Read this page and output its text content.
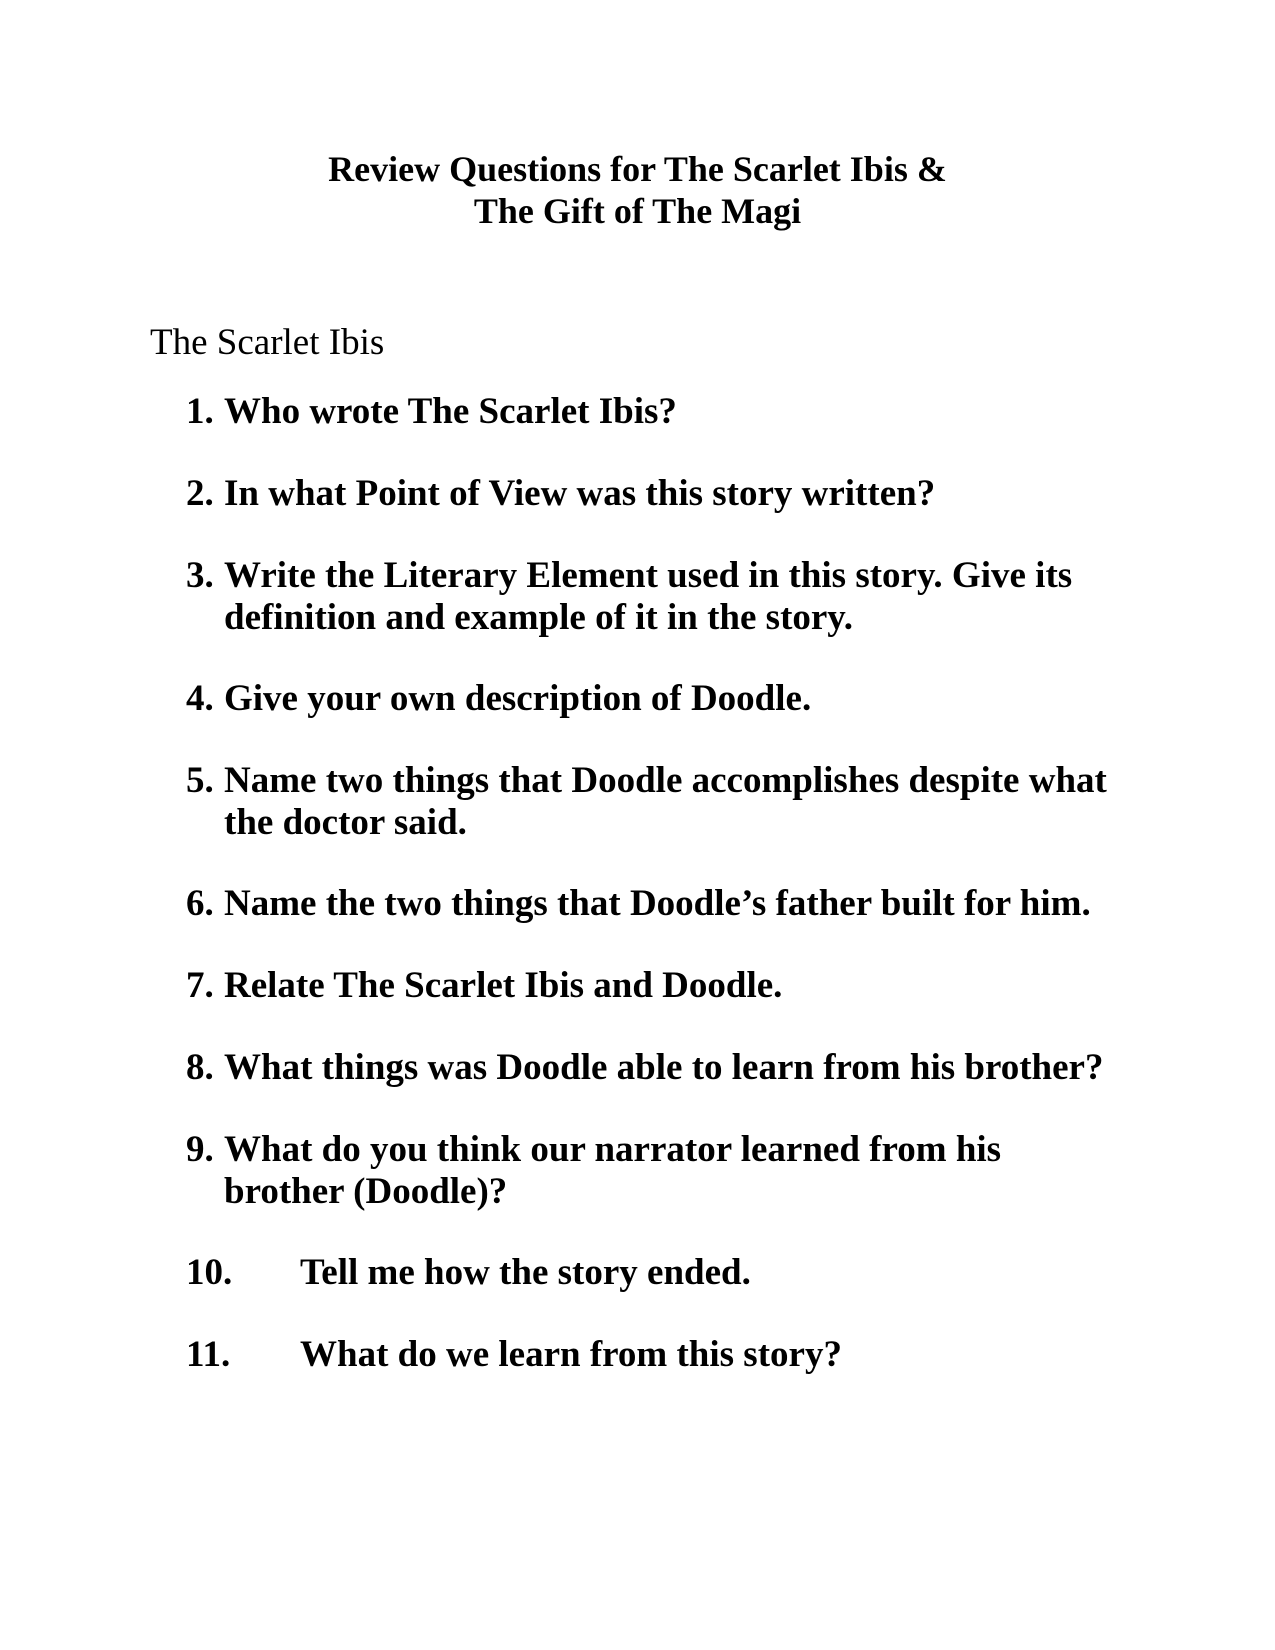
Review Questions for The Scarlet Ibis &
The Gift of The Magi
The Scarlet Ibis
1. Who wrote The Scarlet Ibis?
2. In what Point of View was this story written?
3. Write the Literary Element used in this story. Give its
definition and example of it in the story.
4. Give your own description of Doodle.
5. Name two things that Doodle accomplishes despite what
the doctor said.
6. Name the two things that Doodle’s father built for him.
7. Relate The Scarlet Ibis and Doodle.
8. What things was Doodle able to learn from his brother?
9. What do you think our narrator learned from his
brother (Doodle)?
10. Tell me how the story ended.
11. What do we learn from this story?
